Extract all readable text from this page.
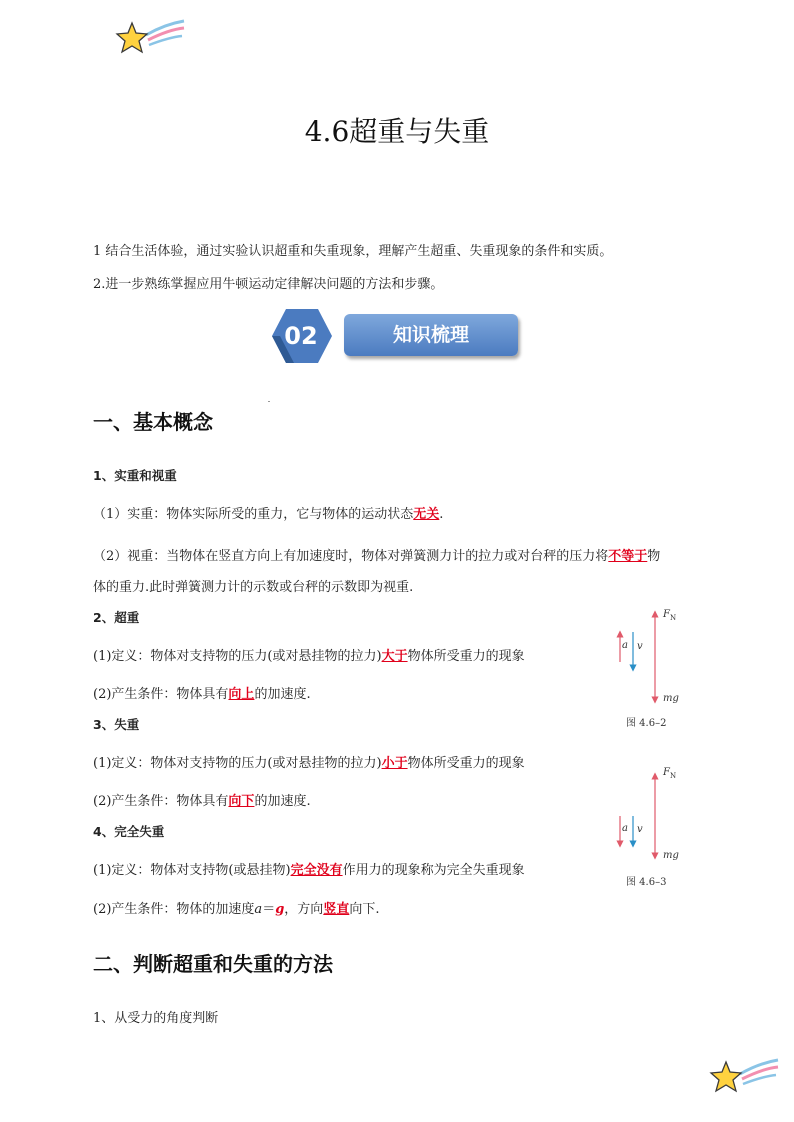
4.6超重与失重
1 结合生活体验，通过实验认识超重和失重现象，理解产生超重、失重现象的条件和实质。
2.进一步熟练掌握应用牛顿运动定律解决问题的方法和步骤。
02	知识梳理
一、基本概念
1、实重和视重
（1）实重：物体实际所受的重力，它与物体的运动状态无关.
（2）视重：当物体在竖直方向上有加速度时，物体对弹簧测力计的拉力或对台秤的压力将不等于物
体的重力.此时弹簧测力计的示数或台秤的示数即为视重.
2、超重
(1)定义：物体对支持物的压力(或对悬挂物的拉力)大于物体所受重力的现象
(2)产生条件：物体具有向上的加速度.
3、失重
(1)定义：物体对支持物的压力(或对悬挂物的拉力)小于物体所受重力的现象
(2)产生条件：物体具有向下的加速度.
4、完全失重
(1)定义：物体对支持物(或悬挂物)完全没有作用力的现象称为完全失重现象
(2)产生条件：物体的加速度a＝g，方向竖直向下.
$F_N$
a v
mg
图 4.6–2
$F_N$
a v
mg
图 4.6–3
二、判断超重和失重的方法
1、从受力的角度判断
